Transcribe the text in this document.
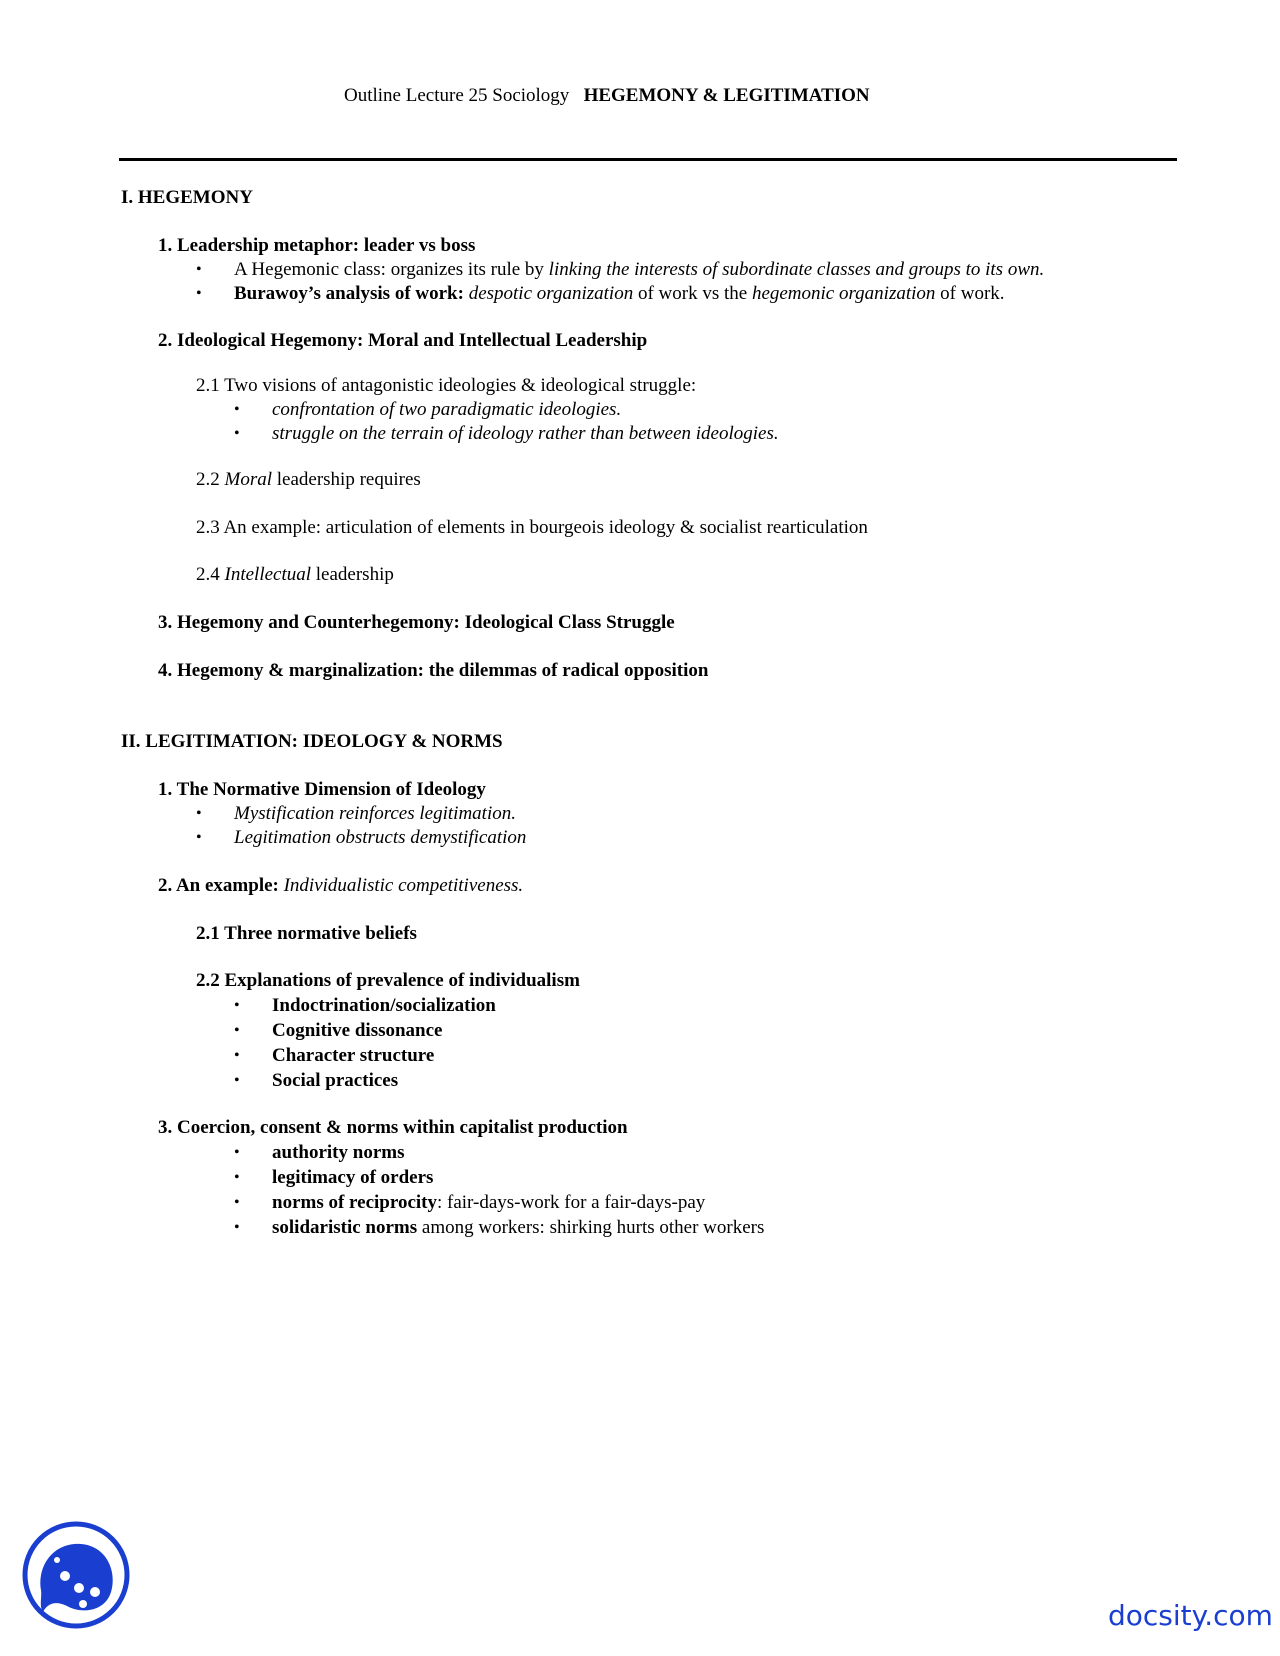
Outline Lecture 25 Sociology HEGEMONY & LEGITIMATION
I. HEGEMONY
1. Leadership metaphor: leader vs boss
•	A Hegemonic class: organizes its rule by linking the interests of subordinate classes and groups to its own.
•	Burawoy’s analysis of work: despotic organization of work vs the hegemonic organization of work.
2. Ideological Hegemony: Moral and Intellectual Leadership
2.1 Two visions of antagonistic ideologies & ideological struggle:
•	confrontation of two paradigmatic ideologies.
•	struggle on the terrain of ideology rather than between ideologies.
2.2 Moral leadership requires
2.3 An example: articulation of elements in bourgeois ideology & socialist rearticulation
2.4 Intellectual leadership
3. Hegemony and Counterhegemony: Ideological Class Struggle
4. Hegemony & marginalization: the dilemmas of radical opposition
II. LEGITIMATION: IDEOLOGY & NORMS
1. The Normative Dimension of Ideology
•	Mystification reinforces legitimation.
•	Legitimation obstructs demystification
2. An example: Individualistic competitiveness.
2.1 Three normative beliefs
2.2 Explanations of prevalence of individualism
•	Indoctrination/socialization
•	Cognitive dissonance
•	Character structure
•	Social practices
3. Coercion, consent & norms within capitalist production
•	authority norms
•	legitimacy of orders
•	norms of reciprocity: fair-days-work for a fair-days-pay
•	solidaristic norms among workers: shirking hurts other workers
docsity.com
